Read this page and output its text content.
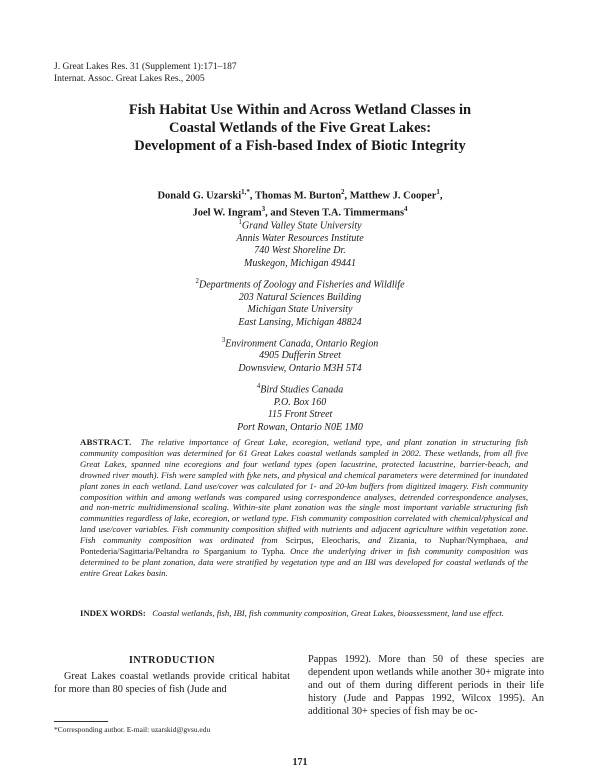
J. Great Lakes Res. 31 (Supplement 1):171–187
Internat. Assoc. Great Lakes Res., 2005
Fish Habitat Use Within and Across Wetland Classes in
Coastal Wetlands of the Five Great Lakes:
Development of a Fish-based Index of Biotic Integrity
Donald G. Uzarski$^{1,*}$, Thomas M. Burton$^2$, Matthew J. Cooper$^1$,
Joel W. Ingram$^3$, and Steven T.A. Timmermans$^4$
$^1$Grand Valley State University
Annis Water Resources Institute
740 West Shoreline Dr.
Muskegon, Michigan 49441
$^2$Departments of Zoology and Fisheries and Wildlife
203 Natural Sciences Building
Michigan State University
East Lansing, Michigan 48824
$^3$Environment Canada, Ontario Region
4905 Dufferin Street
Downsview, Ontario M3H 5T4
$^4$Bird Studies Canada
P.O. Box 160
115 Front Street
Port Rowan, Ontario N0E 1M0
ABSTRACT. The relative importance of Great Lake, ecoregion, wetland type, and plant zonation in structuring fish community composition was determined for 61 Great Lakes coastal wetlands sampled in 2002. These wetlands, from all five Great Lakes, spanned nine ecoregions and four wetland types (open lacustrine, protected lacustrine, barrier-beach, and drowned river mouth). Fish were sampled with fyke nets, and physical and chemical parameters were determined for inundated plant zones in each wetland. Land use/cover was calculated for 1- and 20-km buffers from digitized imagery. Fish community composition within and among wetlands was compared using correspondence analyses, detrended correspondence analyses, and non-metric multidimensional scaling. Within-site plant zonation was the single most important variable structuring fish communities regardless of lake, ecoregion, or wetland type. Fish community composition correlated with chemical/physical and land use/cover variables. Fish community composition shifted with nutrients and adjacent agriculture within vegetation zone. Fish community composition was ordinated from Scirpus, Eleocharis, and Zizania, to Nuphar/Nymphaea, and Pontederia/Sagittaria/Peltandra to Sparganium to Typha. Once the underlying driver in fish community composition was determined to be plant zonation, data were stratified by vegetation type and an IBI was developed for coastal wetlands of the entire Great Lakes basin.
INDEX WORDS: Coastal wetlands, fish, IBI, fish community composition, Great Lakes, bioassessment, land use effect.
INTRODUCTION
Great Lakes coastal wetlands provide critical habitat for more than 80 species of fish (Jude and
Pappas 1992). More than 50 of these species are dependent upon wetlands while another 30+ migrate into and out of them during different periods in their life history (Jude and Pappas 1992, Wilcox 1995). An additional 30+ species of fish may be oc-
*Corresponding author. E-mail: uzarskid@gvsu.edu
171
